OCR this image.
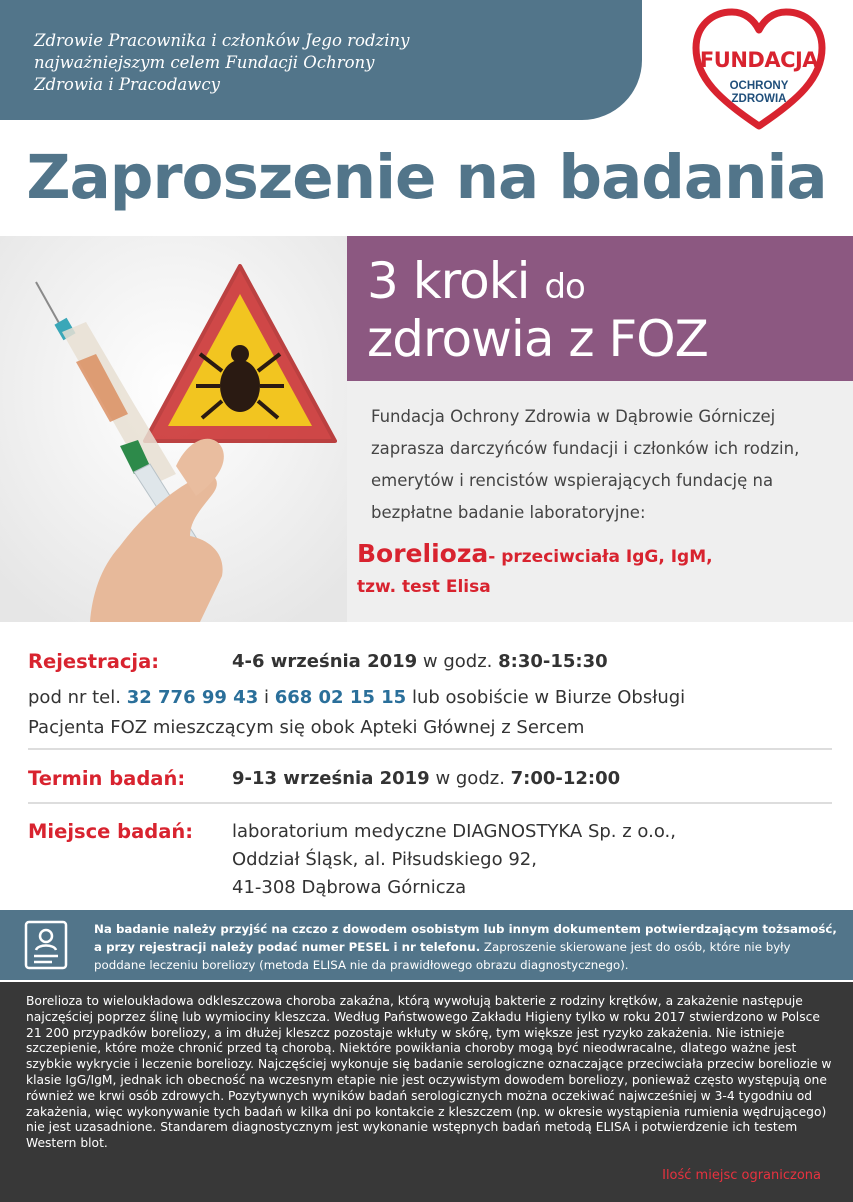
Zdrowie Pracownika i członków Jego rodziny
najważniejszym celem Fundacji Ochrony
Zdrowia i Pracodawcy

FUNDACJA
OCHRONY
ZDROWIA
Zaproszenie na badania

3 kroki do

zdrowia z FOZ

Fundacja Ochrony Zdrowia w Dąbrowie Górniczej zaprasza darczyńców fundacji i członków ich rodzin, emerytów i rencistów wspierających fundację na bezpłatne badanie laboratoryjne:

Borelioza- przeciwciała IgG, IgM,

tzw. test Elisa

Rejestracja:	4-6 września 2019 w godz. 8:30-15:30
pod nr tel. 32 776 99 43 i 668 02 15 15 lub osobiście w Biurze Obsługi
Pacjenta FOZ mieszczącym się obok Apteki Głównej z Sercem
Termin badań:	9-13 września 2019 w godz. 7:00-12:00
Miejsce badań: laboratorium medyczne DIAGNOSTYKA Sp. z o.o.,
Oddział Śląsk, al. Piłsudskiego 92,
41-308 Dąbrowa Górnicza

Na badanie należy przyjść na czczo z dowodem osobistym lub innym dokumentem potwierdzającym tożsamość, a przy rejestracji należy podać numer PESEL i nr telefonu. Zaproszenie skierowane jest do osób, które nie były poddane leczeniu boreliozy (metoda ELISA nie da prawidłowego obrazu diagnostycznego).

Borelioza to wieloukładowa odkleszczowa choroba zakaźna, którą wywołują bakterie z rodziny krętków, a zakażenie następuje najczęściej poprzez ślinę lub wymiociny kleszcza. Według Państwowego Zakładu Higieny tylko w roku 2017 stwierdzono w Polsce 21 200 przypadków boreliozy, a im dłużej kleszcz pozostaje wkłuty w skórę, tym większe jest ryzyko zakażenia. Nie istnieje szczepienie, które może chronić przed tą chorobą. Niektóre powikłania choroby mogą być nieodwracalne, dlatego ważne jest szybkie wykrycie i leczenie boreliozy. Najczęściej wykonuje się badanie serologiczne oznaczające przeciwciała przeciw boreliozie w klasie IgG/IgM, jednak ich obecność na wczesnym etapie nie jest oczywistym dowodem boreliozy, ponieważ często występują one również we krwi osób zdrowych. Pozytywnych wyników badań serologicznych można oczekiwać najwcześniej w 3-4 tygodniu od zakażenia, więc wykonywanie tych badań w kilka dni po kontakcie z kleszczem (np. w okresie wystąpienia rumienia wędrującego) nie jest uzasadnione. Standarem diagnostycznym jest wykonanie wstępnych badań metodą ELISA i potwierdzenie ich testem Western blot.

Ilość miejsc ograniczona
